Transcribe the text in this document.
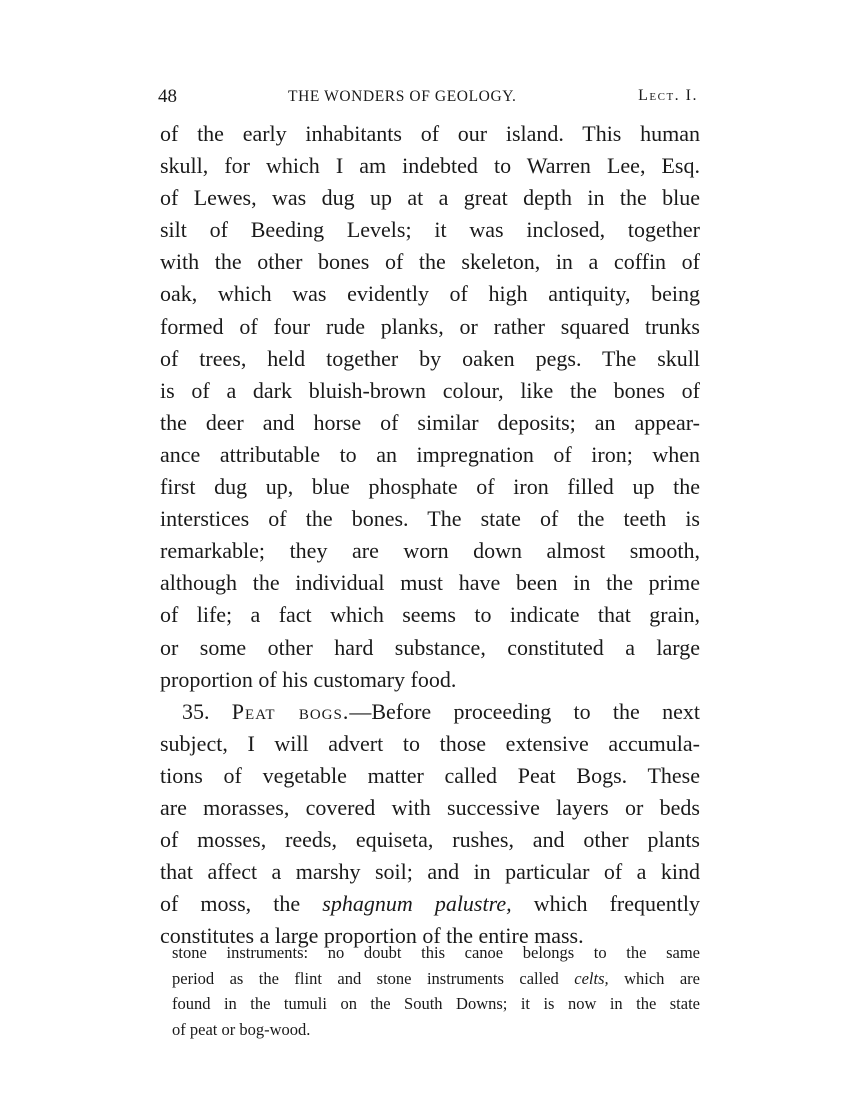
48	THE WONDERS OF GEOLOGY.	Lect. I.
of the early inhabitants of our island. This human
skull, for which I am indebted to Warren Lee, Esq.
of Lewes, was dug up at a great depth in the blue
silt of Beeding Levels; it was inclosed, together
with the other bones of the skeleton, in a coffin of
oak, which was evidently of high antiquity, being
formed of four rude planks, or rather squared trunks
of trees, held together by oaken pegs. The skull
is of a dark bluish-brown colour, like the bones of
the deer and horse of similar deposits; an appear-
ance attributable to an impregnation of iron; when
first dug up, blue phosphate of iron filled up the
interstices of the bones. The state of the teeth is
remarkable; they are worn down almost smooth,
although the individual must have been in the prime
of life; a fact which seems to indicate that grain,
or some other hard substance, constituted a large
proportion of his customary food.
35. Peat bogs.—Before proceeding to the next
subject, I will advert to those extensive accumula-
tions of vegetable matter called Peat Bogs. These
are morasses, covered with successive layers or beds
of mosses, reeds, equiseta, rushes, and other plants
that affect a marshy soil; and in particular of a kind
of moss, the sphagnum palustre, which frequently
constitutes a large proportion of the entire mass.
stone instruments: no doubt this canoe belongs to the same
period as the flint and stone instruments called celts, which are
found in the tumuli on the South Downs; it is now in the state
of peat or bog-wood.
